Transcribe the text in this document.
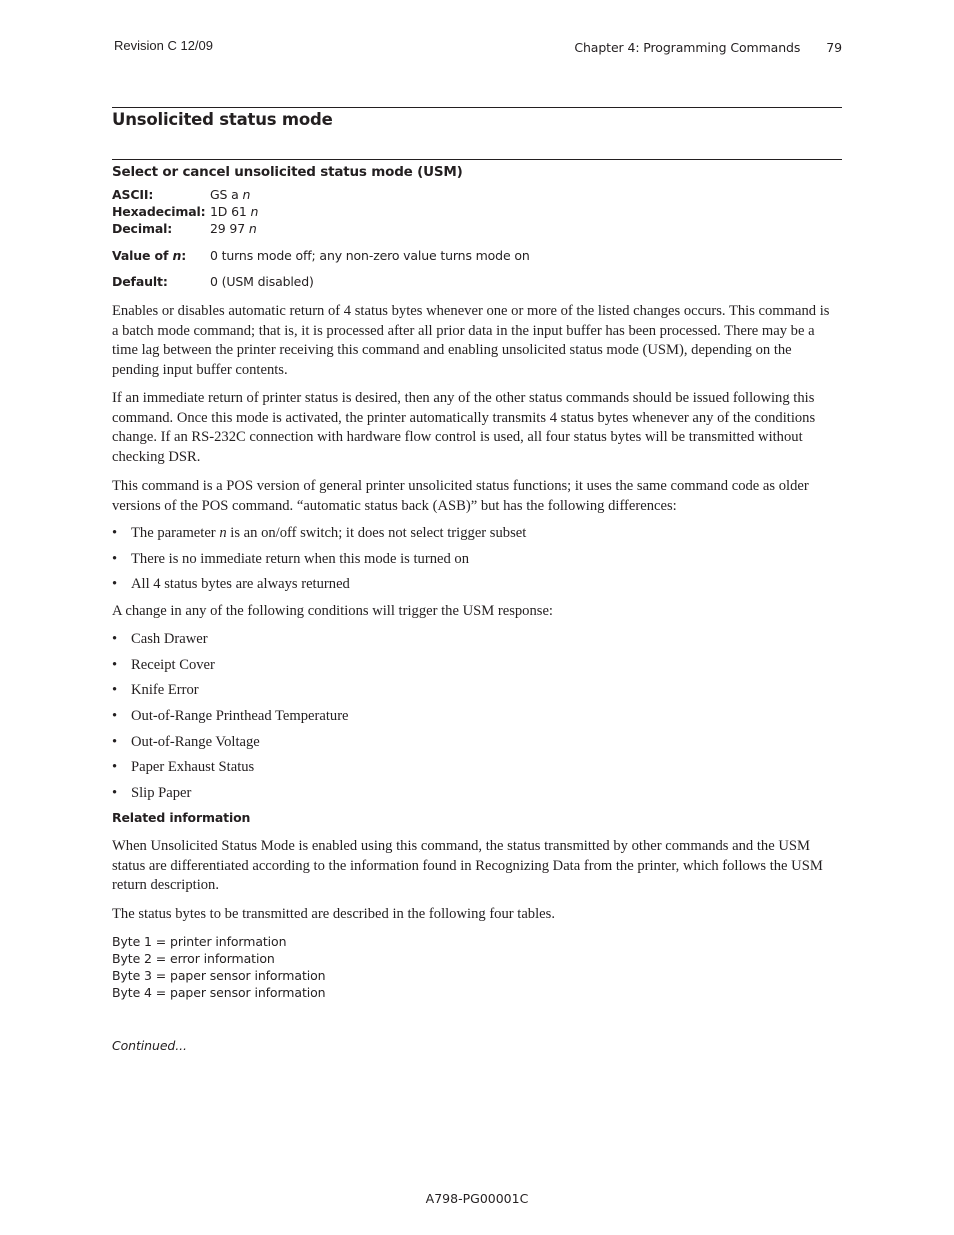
Revision C 12/09	Chapter 4: Programming Commands 79
Unsolicited status mode
Select or cancel unsolicited status mode (USM)
ASCII:	GS a n
Hexadecimal: 1D 61 n
Decimal:	29 97 n
Value of n: 0 turns mode off; any non-zero value turns mode on
Default:	0 (USM disabled)
Enables or disables automatic return of 4 status bytes whenever one or more of the listed changes occurs. This command is a batch mode command; that is, it is processed after all prior data in the input buffer has been processed. There may be a time lag between the printer receiving this command and enabling unsolicited status mode (USM), depending on the pending input buffer contents.
If an immediate return of printer status is desired, then any of the other status commands should be issued following this command. Once this mode is activated, the printer automatically transmits 4 status bytes whenever any of the conditions change. If an RS-232C connection with hardware flow control is used, all four status bytes will be transmitted without checking DSR.
This command is a POS version of general printer unsolicited status functions; it uses the same command code as older versions of the POS command. “automatic status back (ASB)” but has the following differences:
• The parameter n is an on/off switch; it does not select trigger subset
• There is no immediate return when this mode is turned on
• All 4 status bytes are always returned
A change in any of the following conditions will trigger the USM response:
• Cash Drawer
• Receipt Cover
• Knife Error
• Out-of-Range Printhead Temperature
• Out-of-Range Voltage
• Paper Exhaust Status
• Slip Paper
Related information
When Unsolicited Status Mode is enabled using this command, the status transmitted by other commands and the USM status are differentiated according to the information found in Recognizing Data from the printer, which follows the USM return description.
The status bytes to be transmitted are described in the following four tables.
Byte 1 = printer information
Byte 2 = error information
Byte 3 = paper sensor information
Byte 4 = paper sensor information
Continued...
A798-PG00001C
